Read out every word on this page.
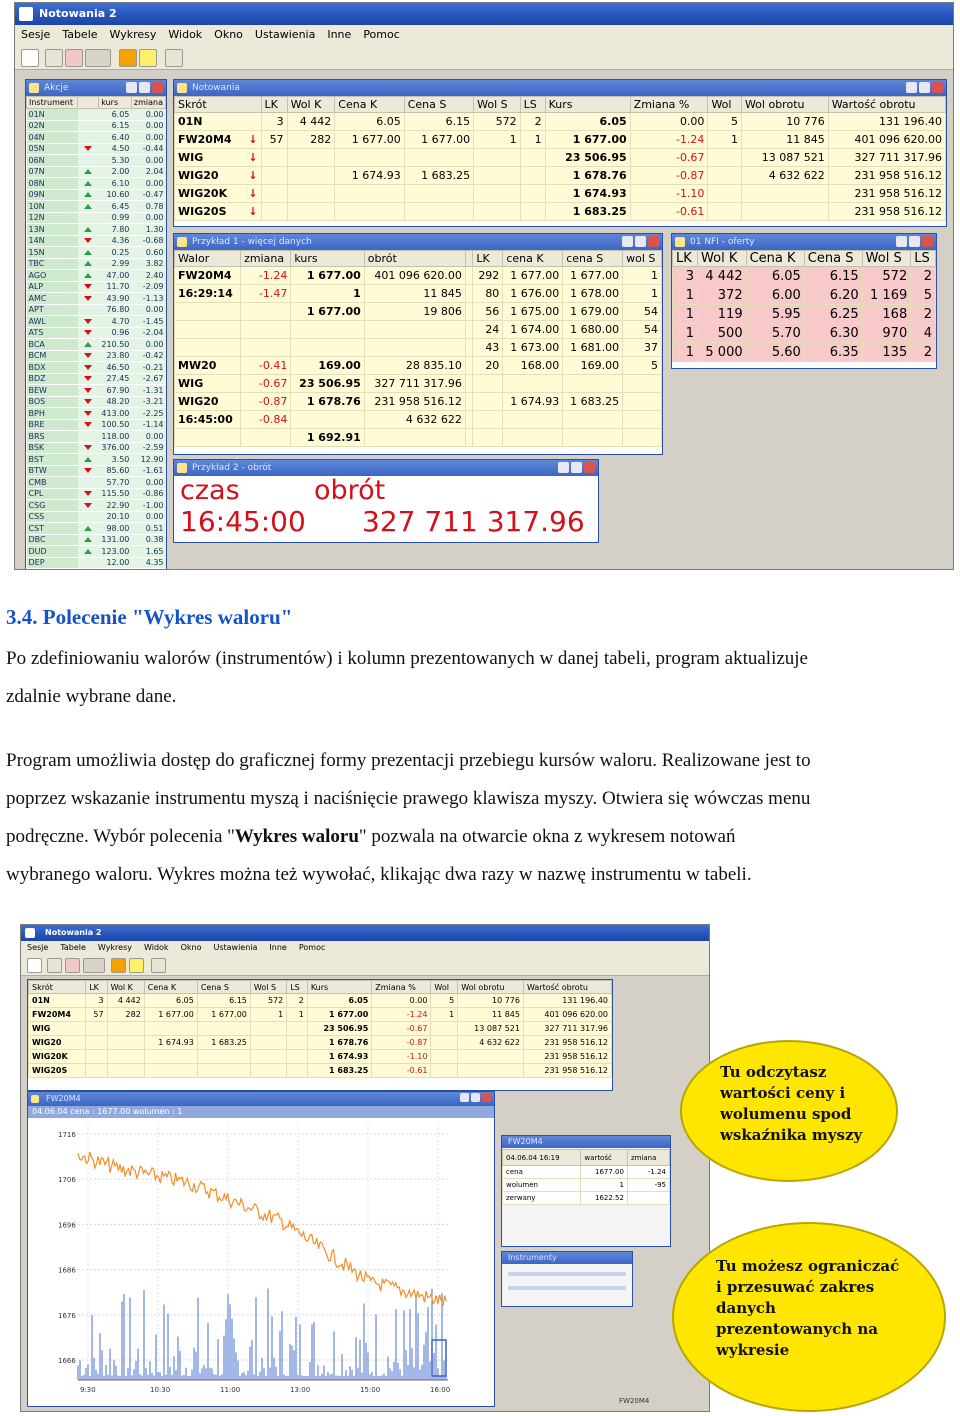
Notowania 2
Sesje Tabele Wykresy Widok Okno Ustawienia Inne Pomoc
Akcje
Instrument		kurs	zmiana
01N		6.05	0.00
02N		6.15	0.00
04N		6.40	0.00
05N		4.50	-0.44
06N		5.30	0.00
07N		2.00	2.04
08N		6.10	0.00
09N		10.60	-0.47
10N		6.45	0.78
12N		0.99	0.00
13N		7.80	1.30
14N		4.36	-0.68
15N		0.25	0.60
TBC		2.99	3.82
AGO		47.00	2.40
ALP		11.70	-2.09
AMC		43.90	-1.13
APT		76.80	0.00
AWL		4.70	-1.45
ATS		0.96	-2.04
BCA		210.50	0.00
BCM		23.80	-0.42
BDX		46.50	-0.21
BDZ		27.45	-2.67
BEW		67.90	-1.31
BOS		48.20	-3.21
BPH		413.00	-2.25
BRE		100.50	-1.14
BRS		118.00	0.00
BSK		376.00	-2.59
BST		3.50	12.90
BTW		85.60	-1.61
CMB		57.70	0.00
CPL		115.50	-0.86
CSG		22.90	-1.00
CSS		20.10	0.00
CST		98.00	0.51
DBC		131.00	0.38
DUD		123.00	1.65
DEP		12.00	4.35
Notowania
Skrót	LK	Wol K	Cena K	Cena S	Wol S	LS	Kurs	Zmiana %	Wol	Wol obrotu	Wartość obrotu
01N	3	4 442	6.05	6.15	572	2	6.05	0.00	5	10 776	131 196.40
FW20M4 ↓	57	282	1 677.00	1 677.00	1	1	1 677.00	-1.24	1	11 845	401 096 620.00
WIG ↓							23 506.95	-0.67		13 087 521	327 711 317.96
WIG20 ↓			1 674.93	1 683.25			1 678.76	-0.87		4 632 622	231 958 516.12
WIG20K ↓							1 674.93	-1.10			231 958 516.12
WIG20S ↓							1 683.25	-0.61			231 958 516.12
Przykład 1 - więcej danych
Walor	zmiana	kurs	obrót		LK	cena K	cena S	wol S
FW20M4	-1.24	1 677.00	401 096 620.00		292	1 677.00	1 677.00	1
16:29:14	-1.47	1	11 845		80	1 676.00	1 678.00	1
		1 677.00	19 806		56	1 675.00	1 679.00	54
					24	1 674.00	1 680.00	54
					43	1 673.00	1 681.00	37
MW20	-0.41	169.00	28 835.10		20	168.00	169.00	5
WIG	-0.67	23 506.95	327 711 317.96					
WIG20	-0.87	1 678.76	231 958 516.12			1 674.93	1 683.25	
16:45:00	-0.84		4 632 622					
		1 692.91						
01 NFI - oferty
LK	Wol K	Cena K	Cena S	Wol S	LS
3	4 442	6.05	6.15	572	2
1	372	6.00	6.20	1 169	5
1	119	5.95	6.25	168	2
1	500	5.70	6.30	970	4
1	5 000	5.60	6.35	135	2
Przykład 2 - obrót
czas	obrót
16:45:00 327 711 317.96
3.4. Polecenie "Wykres waloru"
Po zdefiniowaniu walorów (instrumentów) i kolumn prezentowanych w danej tabeli, program aktualizuje
zdalnie wybrane dane.
Program umożliwia dostęp do graficznej formy prezentacji przebiegu kursów waloru. Realizowane jest to
poprzez wskazanie instrumentu myszą i naciśnięcie prawego klawisza myszy. Otwiera się wówczas menu
podręczne. Wybór polecenia "Wykres waloru" pozwala na otwarcie okna z wykresem notowań
wybranego waloru. Wykres można też wywołać, klikając dwa razy w nazwę instrumentu w tabeli.
Notowania 2
Sesje Tabele Wykresy Widok Okno Ustawienia Inne Pomoc
Skrót	LK	Wol K	Cena K	Cena S	Wol S	LS	Kurs	Zmiana %	Wol	Wol obrotu	Wartość obrotu
01N	3	4 442	6.05	6.15	572	2	6.05	0.00	5	10 776	131 196.40
FW20M4	57	282	1 677.00	1 677.00	1	1	1 677.00	-1.24	1	11 845	401 096 620.00
WIG							23 506.95	-0.67		13 087 521	327 711 317.96
WIG20			1 674.93	1 683.25			1 678.76	-0.87		4 632 622	231 958 516.12
WIG20K							1 674.93	-1.10			231 958 516.12
WIG20S							1 683.25	-0.61			231 958 516.12
FW20M4
04.06.04 cena : 1677.00 wolumen : 1
1716
1706
1696
1686
1676
1666
9:30	10:30	11:00	13:00	15:00	16:00
FW20M4
04.06.04 16:19	wartość	zmiana
cena	1677.00	-1.24
wolumen	1	-95
zerwany	1622.52	
Instrumenty
FW20M4
Tu odczytasz
wartości ceny i
wolumenu spod
wskaźnika myszy
Tu możesz ograniczać
i przesuwać zakres
danych
prezentowanych na
wykresie
